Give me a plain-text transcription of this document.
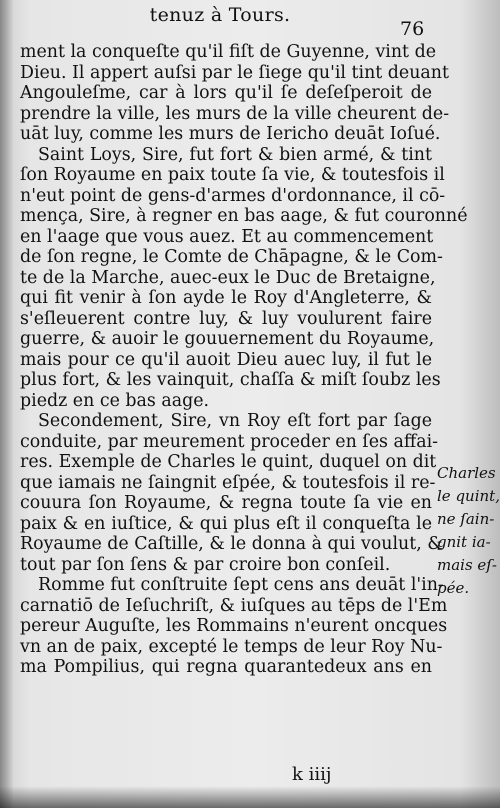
tenuz à Tours.
76
ment la conqueſte qu'il fiſt de Guyenne, vint de
Dieu. Il appert auſsi par le ſiege qu'il tint deuant
Angouleſme, car à lors qu'il ſe deſeſperoit de
prendre la ville, les murs de la ville cheurent de-
uāt luy, comme les murs de Iericho deuāt Ioſué.
Saint Loys, Sire, fut fort & bien armé, & tint
ſon Royaume en paix toute ſa vie, & toutesfois il
n'eut point de gens-d'armes d'ordonnance, il cō-
mença, Sire, à regner en bas aage, & fut couronné
en l'aage que vous auez. Et au commencement
de ſon regne, le Comte de Chāpagne, & le Com-
te de la Marche, auec-eux le Duc de Bretaigne,
qui fit venir à ſon ayde le Roy d'Angleterre, &
s'eſleuerent contre luy, & luy voulurent faire
guerre, & auoir le gouuernement du Royaume,
mais pour ce qu'il auoit Dieu auec luy, il fut le
plus fort, & les vainquit, chaſſa & miſt ſoubz les
piedz en ce bas aage.
Secondement, Sire, vn Roy eſt fort par ſage
conduite, par meurement proceder en ſes affai-
res. Exemple de Charles le quint, duquel on dit
que iamais ne ſaingnit eſpée, & toutesfois il re-
couura ſon Royaume, & regna toute ſa vie en
paix & en iuſtice, & qui plus eſt il conqueſta le
Royaume de Caſtille, & le donna à qui voulut, &
tout par ſon ſens & par croire bon conſeil.
Romme fut conſtruite ſept cens ans deuāt l'in-
carnatiō de Ieſuchriſt, & iuſques au tēps de l'Em
pereur Auguſte, les Rommains n'eurent oncques
vn an de paix, excepté le temps de leur Roy Nu-
ma Pompilius, qui regna quarantedeux ans en
Charles
le quint,
ne ſain-
gnit ia-
mais eſ-
pée.
k iiij
